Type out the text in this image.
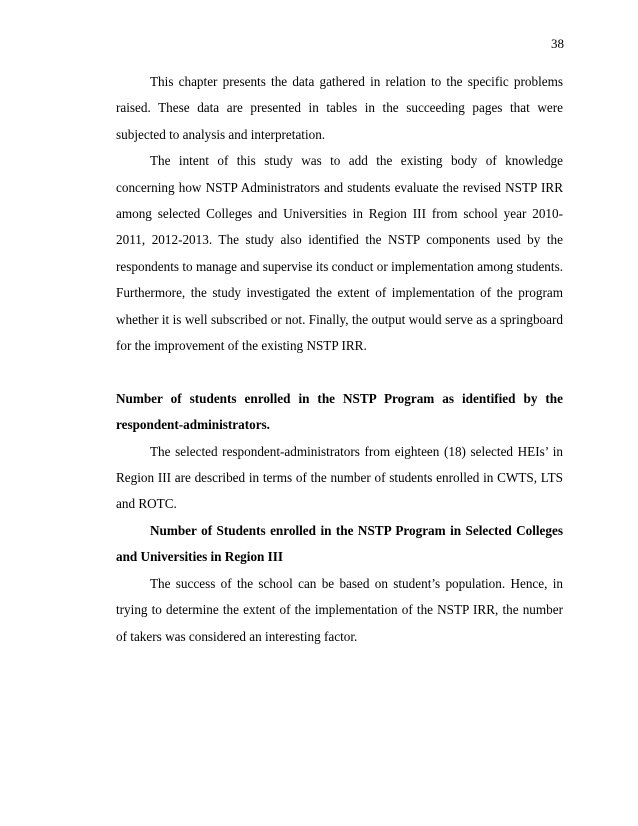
38

This chapter presents the data gathered in relation to the specific problems raised. These data are presented in tables in the succeeding pages that were subjected to analysis and interpretation.

The intent of this study was to add the existing body of knowledge concerning how NSTP Administrators and students evaluate the revised NSTP IRR among selected Colleges and Universities in Region III from school year 2010-2011, 2012-2013. The study also identified the NSTP components used by the respondents to manage and supervise its conduct or implementation among students. Furthermore, the study investigated the extent of implementation of the program whether it is well subscribed or not. Finally, the output would serve as a springboard for the improvement of the existing NSTP IRR.

Number of students enrolled in the NSTP Program as identified by the respondent-administrators.

The selected respondent-administrators from eighteen (18) selected HEIs’ in Region III are described in terms of the number of students enrolled in CWTS, LTS and ROTC.

Number of Students enrolled in the NSTP Program in Selected Colleges and Universities in Region III

The success of the school can be based on student’s population. Hence, in trying to determine the extent of the implementation of the NSTP IRR, the number of takers was considered an interesting factor.
